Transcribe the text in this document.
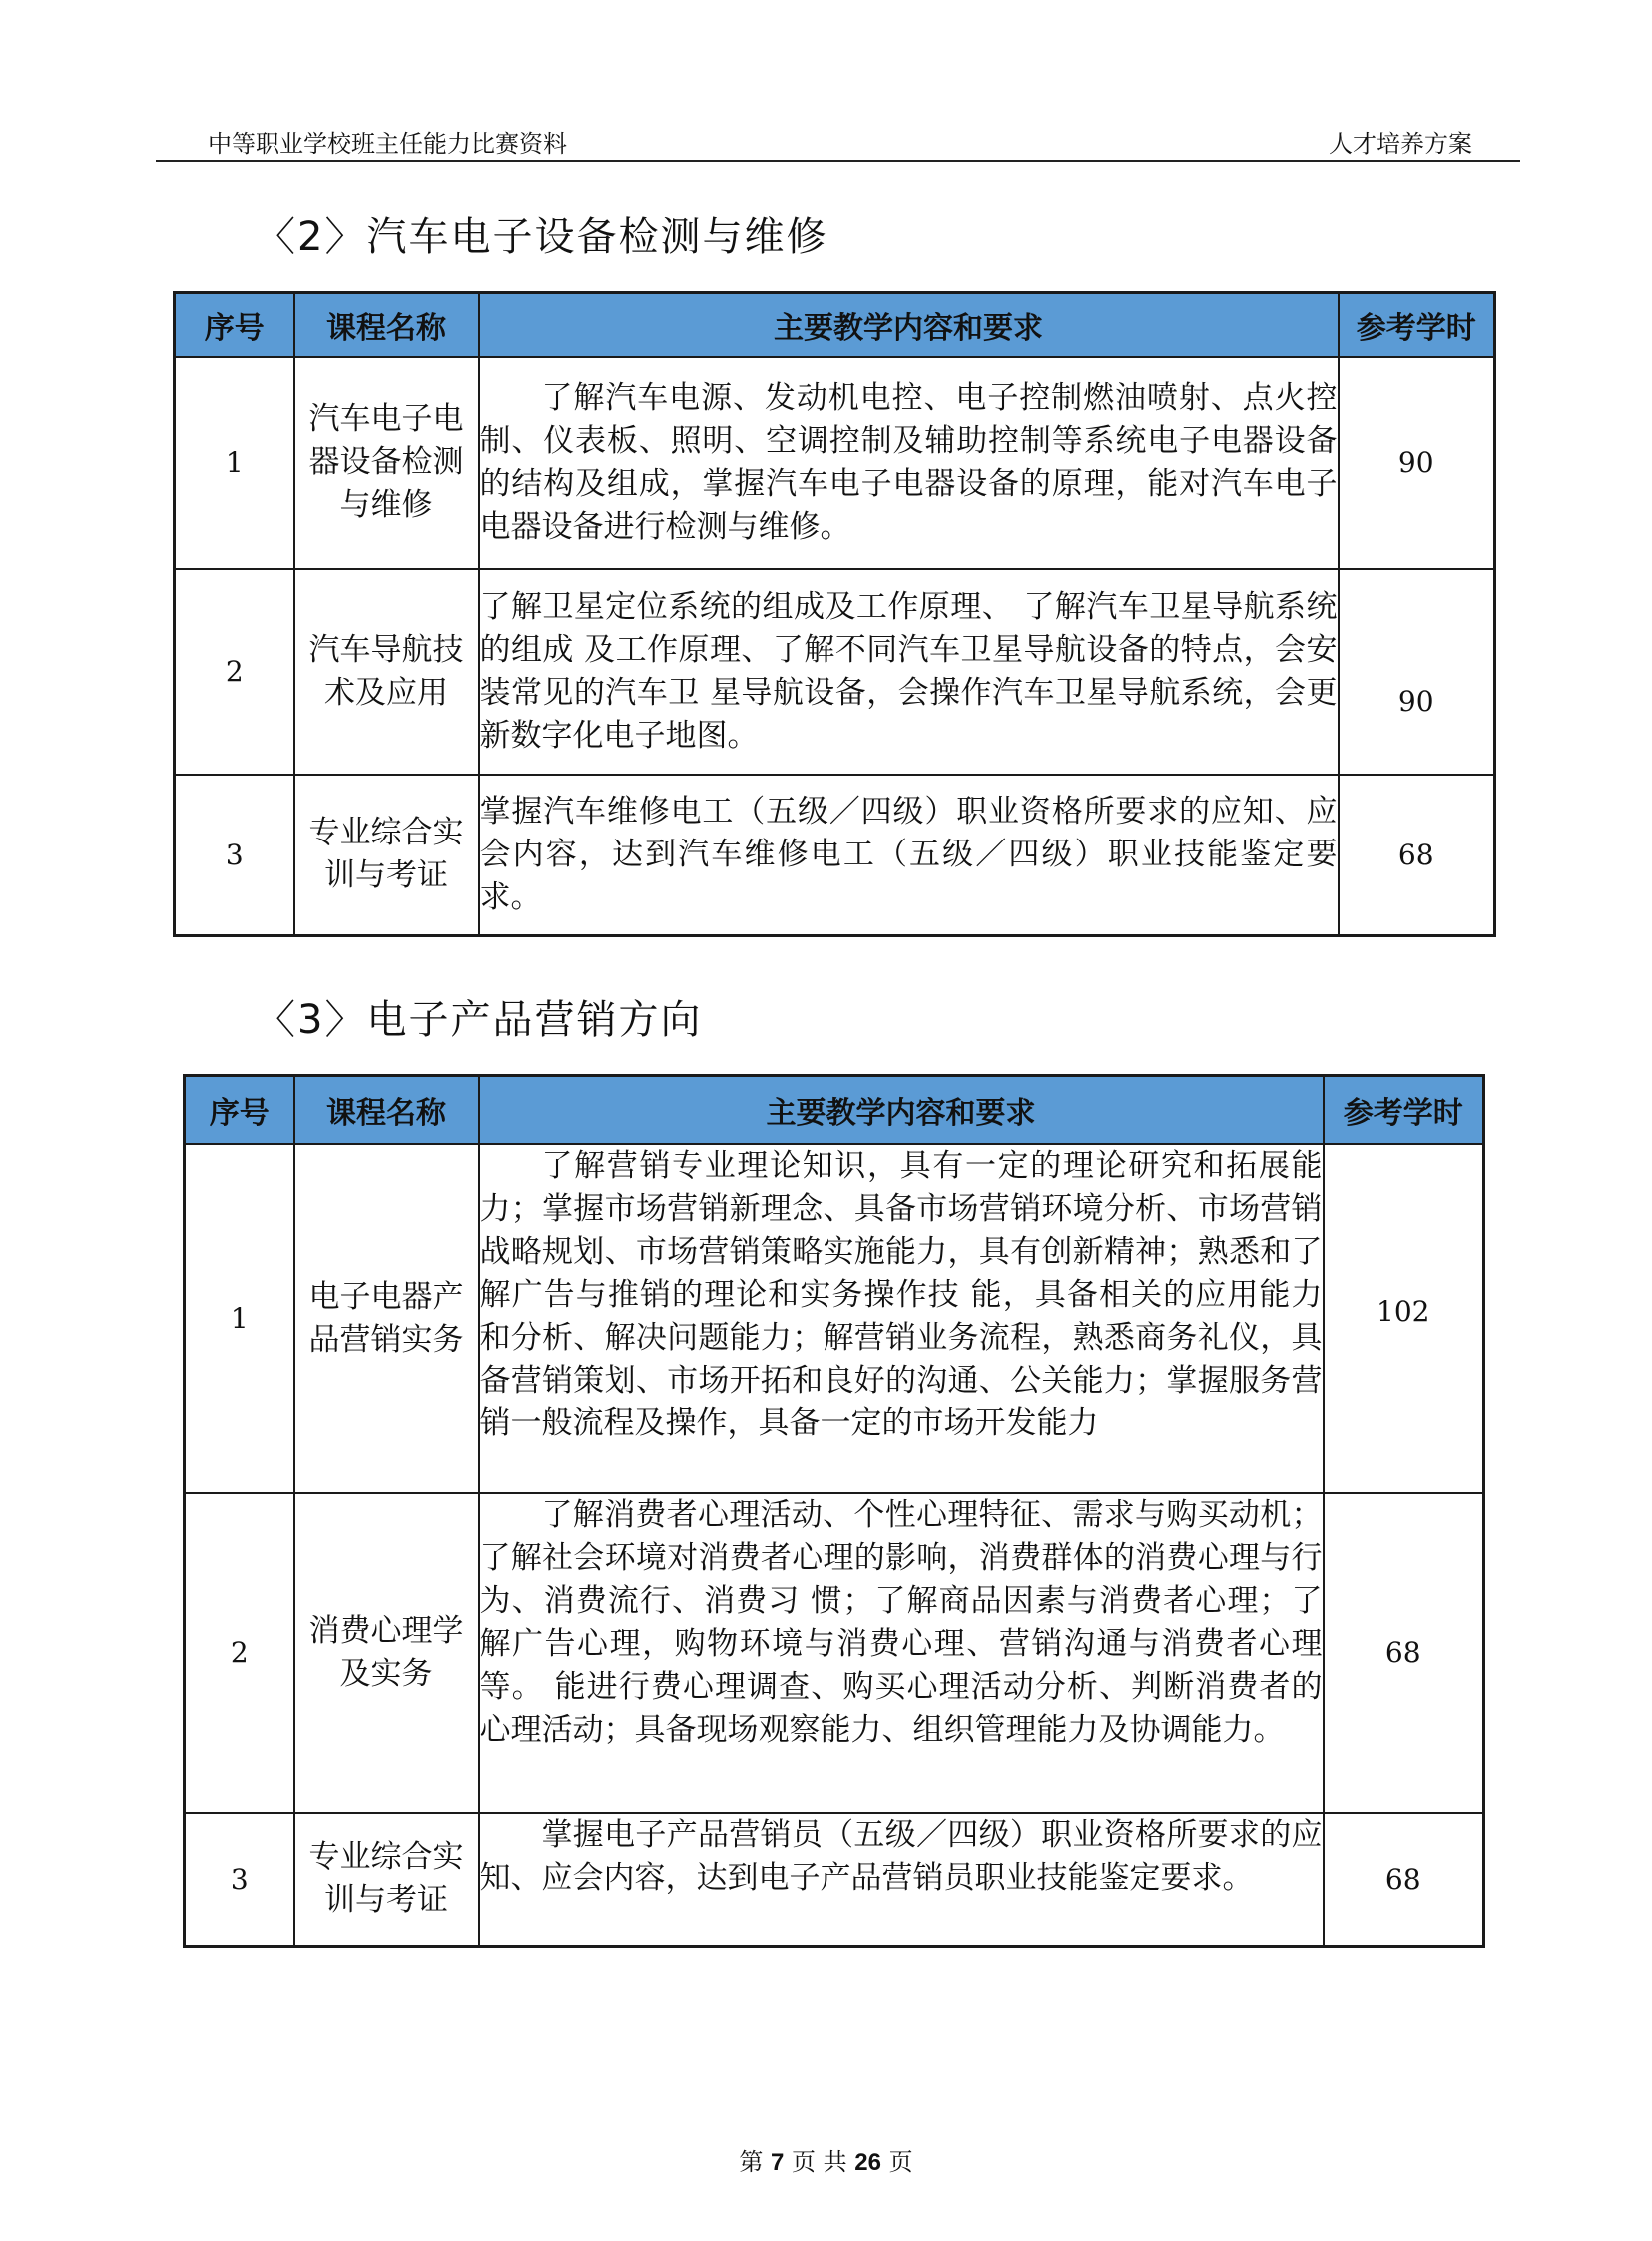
中等职业学校班主任能力比赛资料	人才培养方案
〈2〉汽车电子设备检测与维修
序号	课程名称	主要教学内容和要求	参考学时
1	汽车电子电器设备检测与维修	了解汽车电源、发动机电控、电子控制燃油喷射、点火控制、仪表板、照明、空调控制及辅助控制等系统电子电器设备的结构及组成，掌握汽车电子电器设备的原理，能对汽车电子电器设备进行检测与维修。	90
2	汽车导航技术及应用	了解卫星定位系统的组成及工作原理、 了解汽车卫星导航系统的组成 及工作原理、了解不同汽车卫星导航设备的特点，会安装常见的汽车卫 星导航设备，会操作汽车卫星导航系统，会更新数字化电子地图。	90
3	专业综合实训与考证	掌握汽车维修电工（五级／四级）职业资格所要求的应知、应会内容，达到汽车维修电工（五级／四级）职业技能鉴定要求。	68
〈3〉电子产品营销方向
序号	课程名称	主要教学内容和要求	参考学时
1	电子电器产品营销实务	了解营销专业理论知识，具有一定的理论研究和拓展能力；掌握市场营销新理念、具备市场营销环境分析、市场营销战略规划、市场营销策略实施能力，具有创新精神；熟悉和了解广告与推销的理论和实务操作技 能，具备相关的应用能力和分析、解决问题能力；解营销业务流程，熟悉商务礼仪，具备营销策划、市场开拓和良好的沟通、公关能力；掌握服务营销一般流程及操作，具备一定的市场开发能力	102
2	消费心理学及实务	了解消费者心理活动、个性心理特征、需求与购买动机；了解社会环境对消费者心理的影响，消费群体的消费心理与行为、消费流行、消费习 惯；了解商品因素与消费者心理；了解广告心理，购物环境与消费心理、营销沟通与消费者心理等。 能进行费心理调查、购买心理活动分析、判断消费者的心理活动；具备现场观察能力、组织管理能力及协调能力。	68
3	专业综合实训与考证	掌握电子产品营销员（五级／四级）职业资格所要求的应知、应会内容，达到电子产品营销员职业技能鉴定要求。	68
第 7 页 共 26 页
